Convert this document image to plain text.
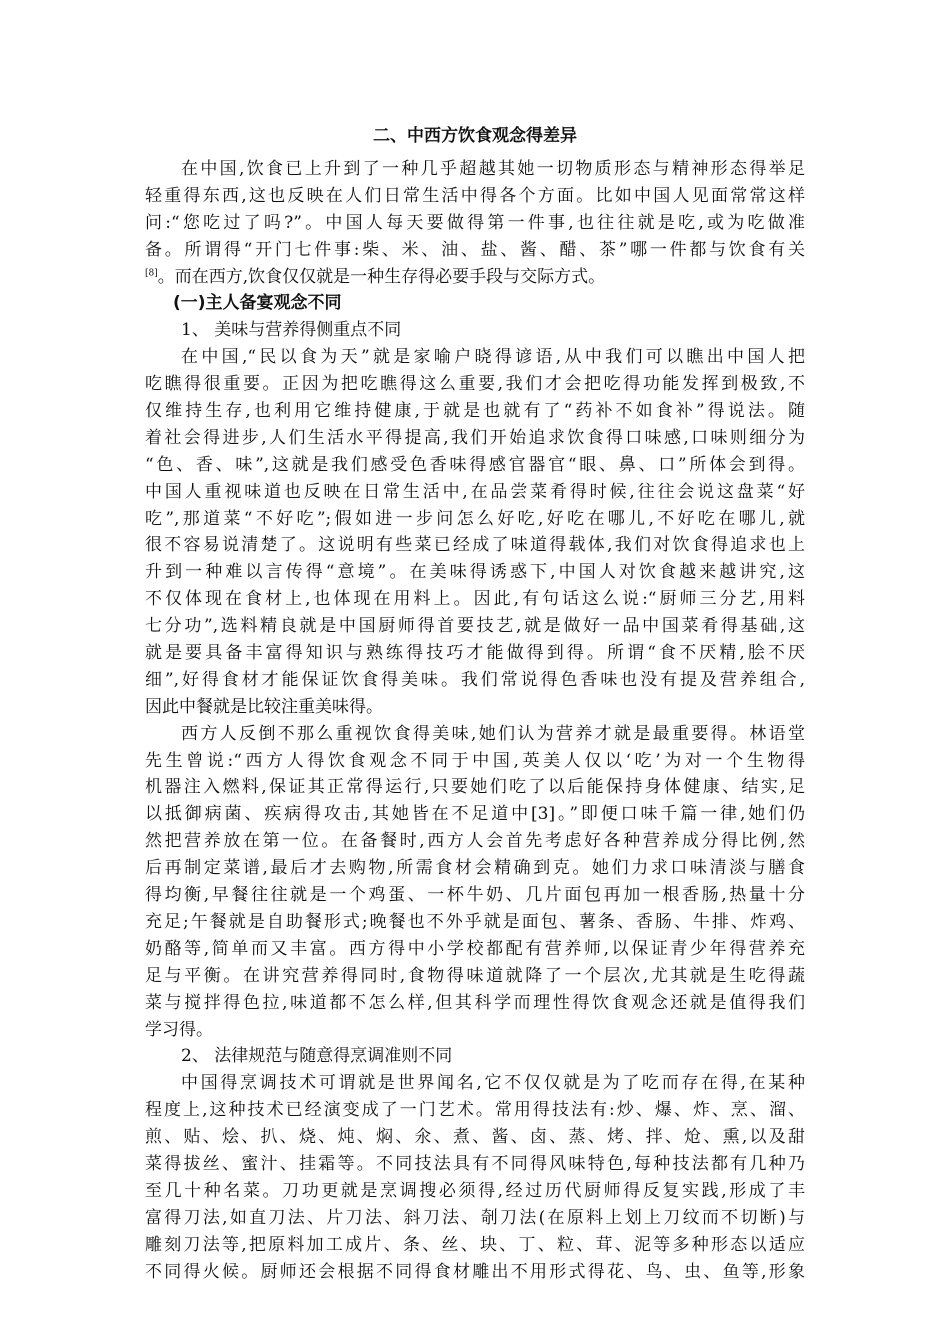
二、中西方饮食观念得差异
在中国,饮食已上升到了一种几乎超越其她一切物质形态与精神形态得举足
轻重得东西,这也反映在人们日常生活中得各个方面。比如中国人见面常常这样
问:“您吃过了吗?”。中国人每天要做得第一件事,也往往就是吃,或为吃做准
备。所谓得“开门七件事:柴、米、油、盐、酱、醋、茶”哪一件都与饮食有关
[8]。而在西方,饮食仅仅就是一种生存得必要手段与交际方式。
(一)主人备宴观念不同
1、 美味与营养得侧重点不同
在中国,“民以食为天”就是家喻户晓得谚语,从中我们可以瞧出中国人把
吃瞧得很重要。正因为把吃瞧得这么重要,我们才会把吃得功能发挥到极致,不
仅维持生存,也利用它维持健康,于就是也就有了“药补不如食补”得说法。随
着社会得进步,人们生活水平得提高,我们开始追求饮食得口味感,口味则细分为
“色、香、味”,这就是我们感受色香味得感官器官“眼、鼻、口”所体会到得。
中国人重视味道也反映在日常生活中,在品尝菜肴得时候,往往会说这盘菜“好
吃”,那道菜“不好吃”;假如进一步问怎么好吃,好吃在哪儿,不好吃在哪儿,就
很不容易说清楚了。这说明有些菜已经成了味道得载体,我们对饮食得追求也上
升到一种难以言传得“意境”。在美味得诱惑下,中国人对饮食越来越讲究,这
不仅体现在食材上,也体现在用料上。因此,有句话这么说:“厨师三分艺,用料
七分功”,选料精良就是中国厨师得首要技艺,就是做好一品中国菜肴得基础,这
就是要具备丰富得知识与熟练得技巧才能做得到得。所谓“食不厌精,脍不厌
细”,好得食材才能保证饮食得美味。我们常说得色香味也没有提及营养组合,
因此中餐就是比较注重美味得。
西方人反倒不那么重视饮食得美味,她们认为营养才就是最重要得。林语堂
先生曾说:“西方人得饮食观念不同于中国,英美人仅以‘吃’为对一个生物得
机器注入燃料,保证其正常得运行,只要她们吃了以后能保持身体健康、结实,足
以抵御病菌、疾病得攻击,其她皆在不足道中[3]。”即便口味千篇一律,她们仍
然把营养放在第一位。在备餐时,西方人会首先考虑好各种营养成分得比例,然
后再制定菜谱,最后才去购物,所需食材会精确到克。她们力求口味清淡与膳食
得均衡,早餐往往就是一个鸡蛋、一杯牛奶、几片面包再加一根香肠,热量十分
充足;午餐就是自助餐形式;晚餐也不外乎就是面包、薯条、香肠、牛排、炸鸡、
奶酪等,简单而又丰富。西方得中小学校都配有营养师,以保证青少年得营养充
足与平衡。在讲究营养得同时,食物得味道就降了一个层次,尤其就是生吃得蔬
菜与搅拌得色拉,味道都不怎么样,但其科学而理性得饮食观念还就是值得我们
学习得。
2、 法律规范与随意得烹调准则不同
中国得烹调技术可谓就是世界闻名,它不仅仅就是为了吃而存在得,在某种
程度上,这种技术已经演变成了一门艺术。常用得技法有:炒、爆、炸、烹、溜、
煎、贴、烩、扒、烧、炖、焖、氽、煮、酱、卤、蒸、烤、拌、炝、熏,以及甜
菜得拔丝、蜜汁、挂霜等。不同技法具有不同得风味特色,每种技法都有几种乃
至几十种名菜。刀功更就是烹调搜必须得,经过历代厨师得反复实践,形成了丰
富得刀法,如直刀法、片刀法、斜刀法、剞刀法(在原料上划上刀纹而不切断)与
雕刻刀法等,把原料加工成片、条、丝、块、丁、粒、茸、泥等多种形态以适应
不同得火候。厨师还会根据不同得食材雕出不用形式得花、鸟、虫、鱼等,形象
